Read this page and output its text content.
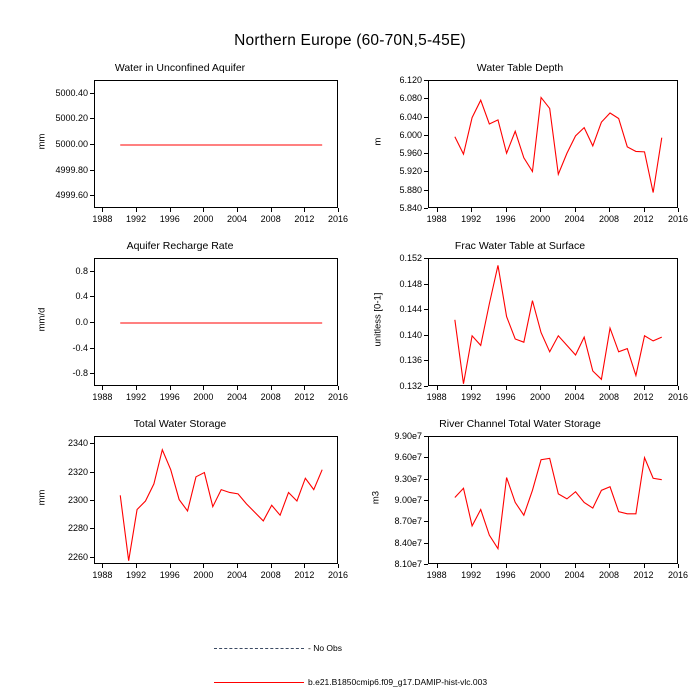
Northern Europe (60-70N,5-45E)
Water in Unconfined Aquifer
mm
4999.60
4999.80
5000.00
5000.20
5000.40
1988 1992 1996 2000 2004 2008 2012 2016
Water Table Depth
m
5.840
5.880
5.920
5.960
6.000
6.040
6.080
6.120
1988 1992 1996 2000 2004 2008 2012 2016
Aquifer Recharge Rate
mm/d
-0.8
-0.4
0.0
0.4
0.8
1988 1992 1996 2000 2004 2008 2012 2016
Frac Water Table at Surface
unitless [0-1]
0.132
0.136
0.140
0.144
0.148
0.152
1988 1992 1996 2000 2004 2008 2012 2016
Total Water Storage
mm
2260
2280
2300
2320
2340
1988 1992 1996 2000 2004 2008 2012 2016
River Channel Total Water Storage
m3
8.10e7
8.40e7
8.70e7
9.00e7
9.30e7
9.60e7
9.90e7
1988 1992 1996 2000 2004 2008 2012 2016
- No Obs
b.e21.B1850cmip6.f09_g17.DAMIP-hist-vlc.003
